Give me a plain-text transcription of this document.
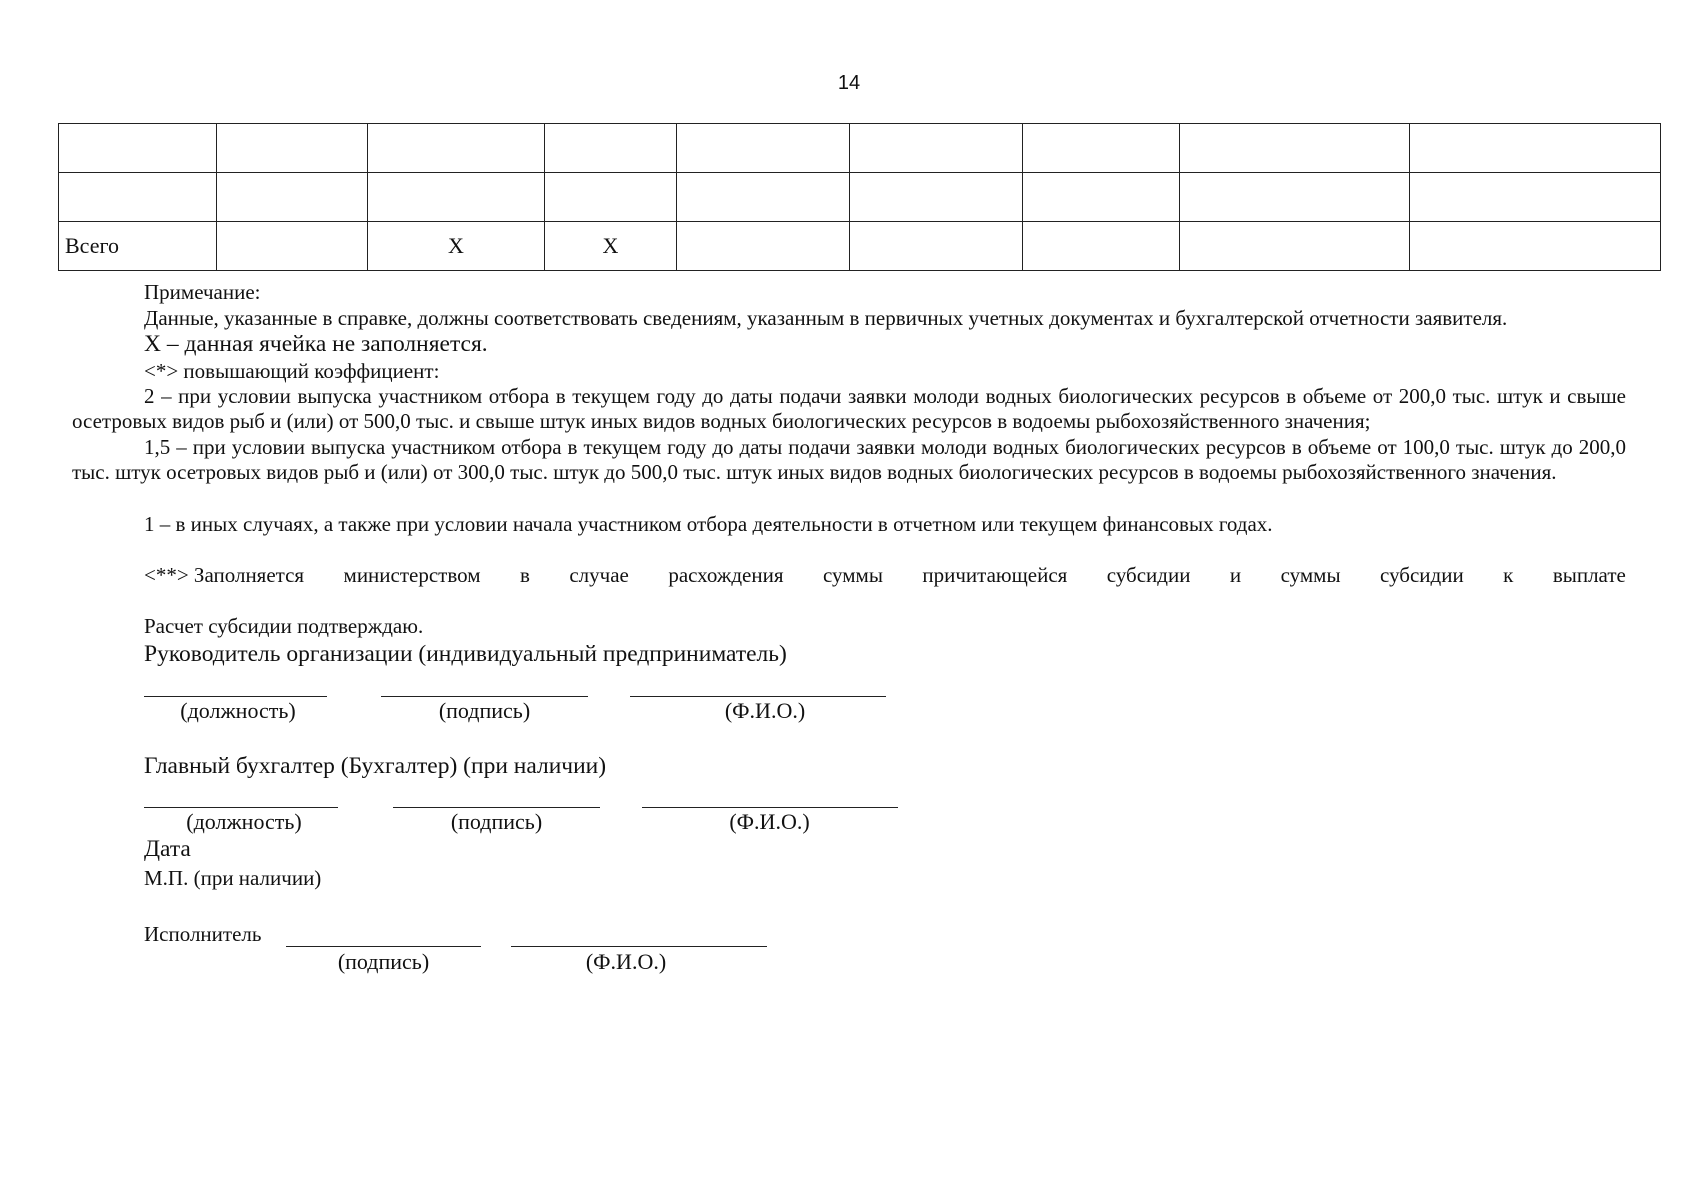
14

Всего		X	X					
Примечание:
Данные, указанные в справке, должны соответствовать сведениям, указанным в первичных учетных документах и бухгалтерской отчетности заявителя.
X – данная ячейка не заполняется.
<*> повышающий коэффициент:
2 – при условии выпуска участником отбора в текущем году до даты подачи заявки молоди водных биологических ресурсов в объеме от 200,0 тыс. штук и свыше осетровых видов рыб и (или) от 500,0 тыс. и свыше штук иных видов водных биологических ресурсов в водоемы рыбохозяйственного значения;
1,5 – при условии выпуска участником отбора в текущем году до даты подачи заявки молоди водных биологических ресурсов в объеме от 100,0 тыс. штук до 200,0 тыс. штук осетровых видов рыб и (или) от 300,0 тыс. штук до 500,0 тыс. штук иных видов водных биологических ресурсов в водоемы рыбохозяйственного значения.
1 – в иных случаях, а также при условии начала участником отбора деятельности в отчетном или текущем финансовых годах.
<**> Заполняется министерством в случае расхождения суммы причитающейся субсидии и суммы субсидии к выплате
Расчет субсидии подтверждаю.
Руководитель организации (индивидуальный предприниматель)
(должность)	(подпись)	(Ф.И.О.)
Главный бухгалтер (Бухгалтер) (при наличии)
(должность)	(подпись)	(Ф.И.О.)
Дата
М.П. (при наличии)
Исполнитель
(подпись)	(Ф.И.О.)
